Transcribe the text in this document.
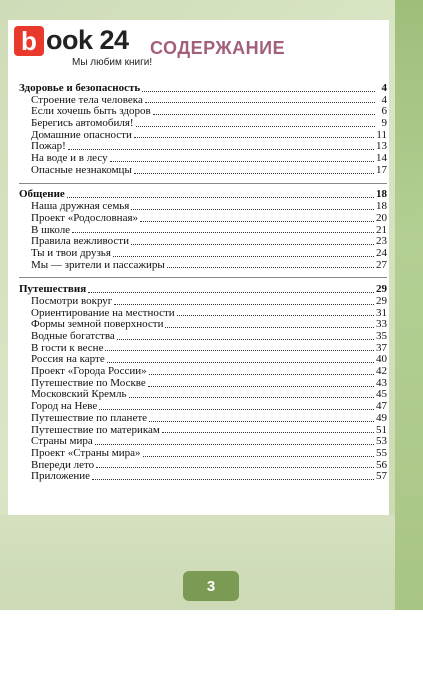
b ook 24
Мы любим книги!
СОДЕРЖАНИЕ
Здоровье и безопасность	4
Строение тела человека	4
Если хочешь быть здоров	6
Берегись автомобиля!	9
Домашние опасности	11
Пожар!	13
На воде и в лесу	14
Опасные незнакомцы	17
Общение	18
Наша дружная семья	18
Проект «Родословная»	20
В школе	21
Правила вежливости	23
Ты и твои друзья	24
Мы — зрители и пассажиры	27
Путешествия	29
Посмотри вокруг	29
Ориентирование на местности	31
Формы земной поверхности	33
Водные богатства	35
В гости к весне	37
Россия на карте	40
Проект «Города России»	42
Путешествие по Москве	43
Московский Кремль	45
Город на Неве	47
Путешествие по планете	49
Путешествие по материкам	51
Страны мира	53
Проект «Страны мира»	55
Впереди лето	56
Приложение	57
3
